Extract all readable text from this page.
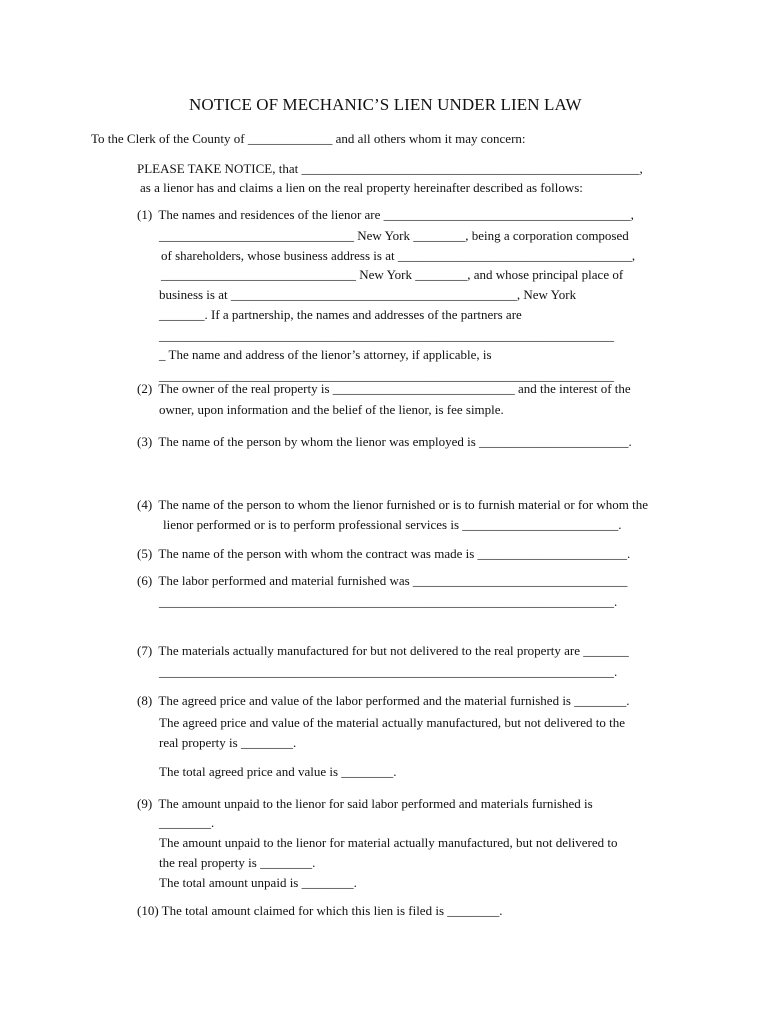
NOTICE OF MECHANIC’S LIEN UNDER LIEN LAW
To the Clerk of the County of _____________ and all others whom it may concern:
PLEASE TAKE NOTICE, that ____________________________________________________,
as a lienor has and claims a lien on the real property hereinafter described as follows:
(1)  The names and residences of the lienor are ______________________________________,
______________________________ New York ________, being a corporation composed
of shareholders, whose business address is at ____________________________________,
______________________________ New York ________, and whose principal place of
business is at ____________________________________________, New York
_______. If a partnership, the names and addresses of the partners are
______________________________________________________________________
_ The name and address of the lienor’s attorney, if applicable, is
______________________________________________________________________
(2)  The owner of the real property is ____________________________ and the interest of the
owner, upon information and the belief of the lienor, is fee simple.
(3)  The name of the person by whom the lienor was employed is _______________________.
(4)  The name of the person to whom the lienor furnished or is to furnish material or for whom the
lienor performed or is to perform professional services is ________________________.
(5)  The name of the person with whom the contract was made is _______________________.
(6)  The labor performed and material furnished was _________________________________
______________________________________________________________________.
(7)  The materials actually manufactured for but not delivered to the real property are _______
______________________________________________________________________.
(8)  The agreed price and value of the labor performed and the material furnished is ________.
The agreed price and value of the material actually manufactured, but not delivered to the
real property is ________.
The total agreed price and value is ________.
(9)  The amount unpaid to the lienor for said labor performed and materials furnished is
________.
The amount unpaid to the lienor for material actually manufactured, but not delivered to
the real property is ________.
The total amount unpaid is ________.
(10) The total amount claimed for which this lien is filed is ________.
